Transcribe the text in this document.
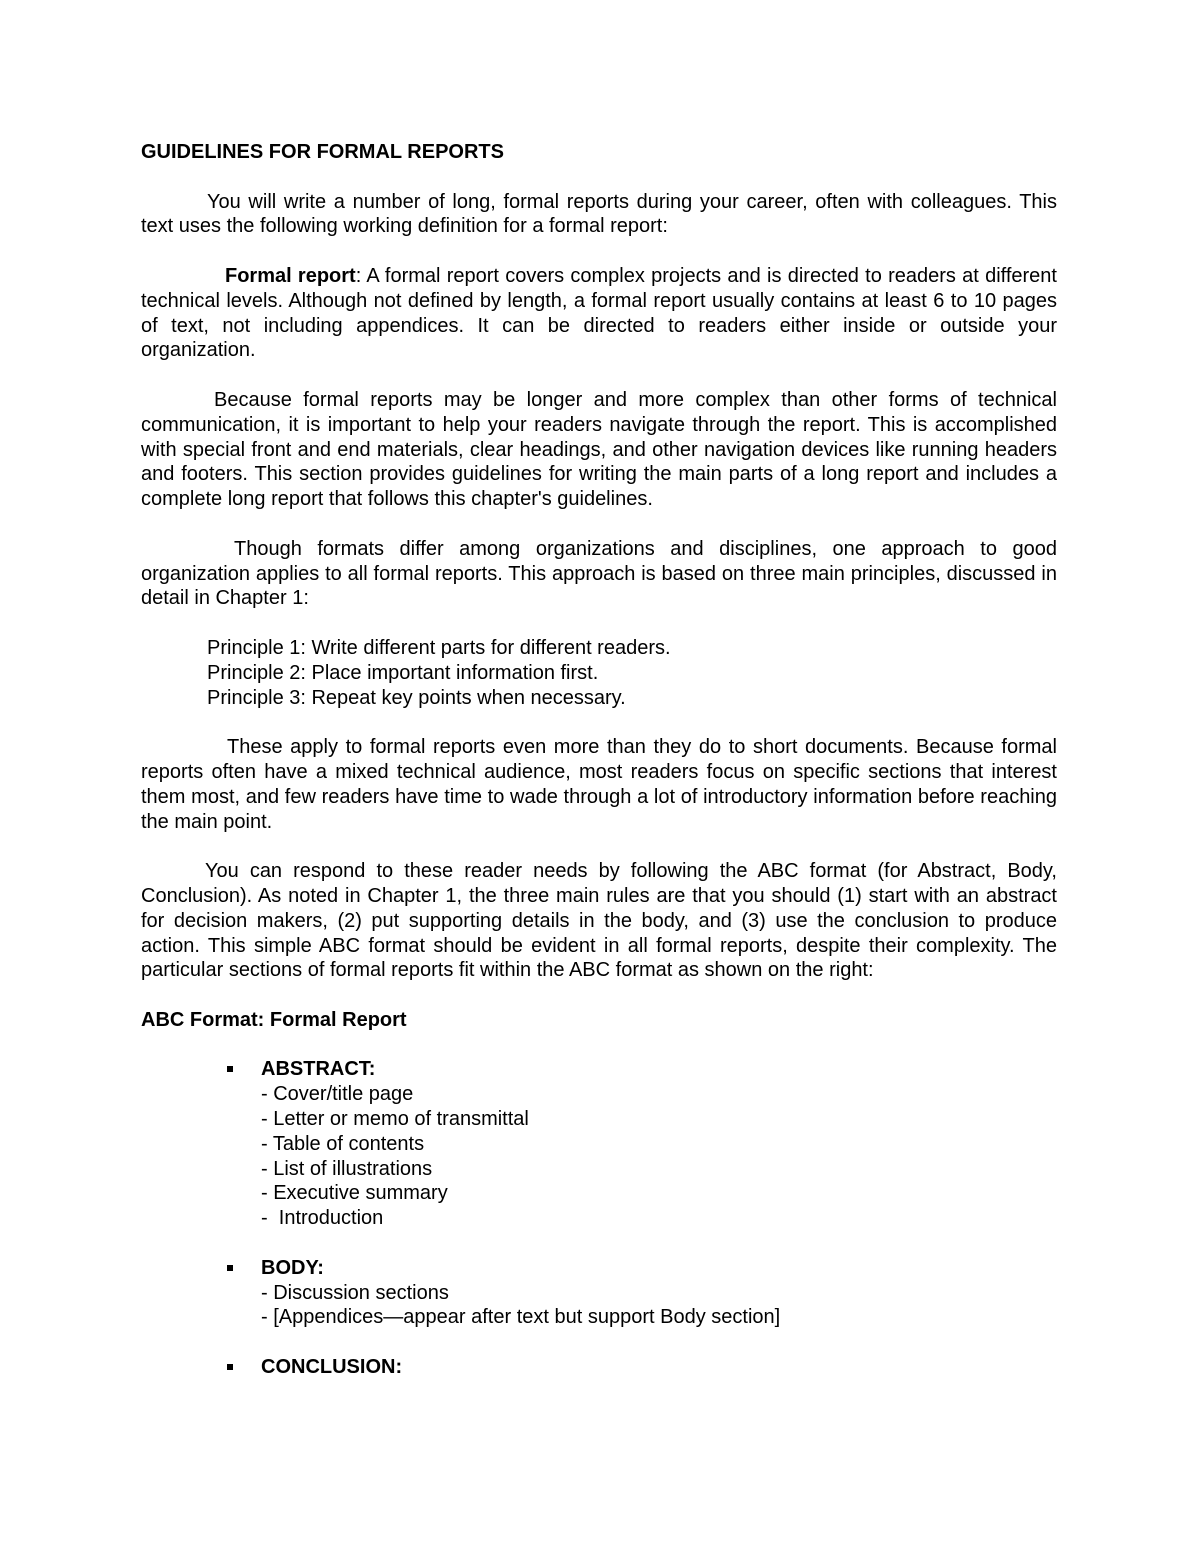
GUIDELINES FOR FORMAL REPORTS

You will write a number of long, formal reports during your career, often with colleagues. This text uses the following working definition for a formal report:

Formal report: A formal report covers complex projects and is directed to readers at different technical levels. Although not defined by length, a formal report usually contains at least 6 to 10 pages of text, not including appendices. It can be directed to readers either inside or outside your organization.

Because formal reports may be longer and more complex than other forms of technical communication, it is important to help your readers navigate through the report. This is accomplished with special front and end materials, clear headings, and other navigation devices like running headers and footers. This section provides guidelines for writing the main parts of a long report and includes a complete long report that follows this chapter's guidelines.

Though formats differ among organizations and disciplines, one approach to good organization applies to all formal reports. This approach is based on three main principles, discussed in detail in Chapter 1:

Principle 1: Write different parts for different readers.
Principle 2: Place important information first.
Principle 3: Repeat key points when necessary.

These apply to formal reports even more than they do to short documents. Because formal reports often have a mixed technical audience, most readers focus on specific sections that interest them most, and few readers have time to wade through a lot of introductory information before reaching the main point.

You can respond to these reader needs by following the ABC format (for Abstract, Body, Conclusion). As noted in Chapter 1, the three main rules are that you should (1) start with an abstract for decision makers, (2) put supporting details in the body, and (3) use the conclusion to produce action. This simple ABC format should be evident in all formal reports, despite their complexity. The particular sections of formal reports fit within the ABC format as shown on the right:

ABC Format: Formal Report
ABSTRACT:
- Cover/title page
- Letter or memo of transmittal
- Table of contents
- List of illustrations
- Executive summary
-  Introduction
BODY:
- Discussion sections
- [Appendices—appear after text but support Body section]
CONCLUSION:
